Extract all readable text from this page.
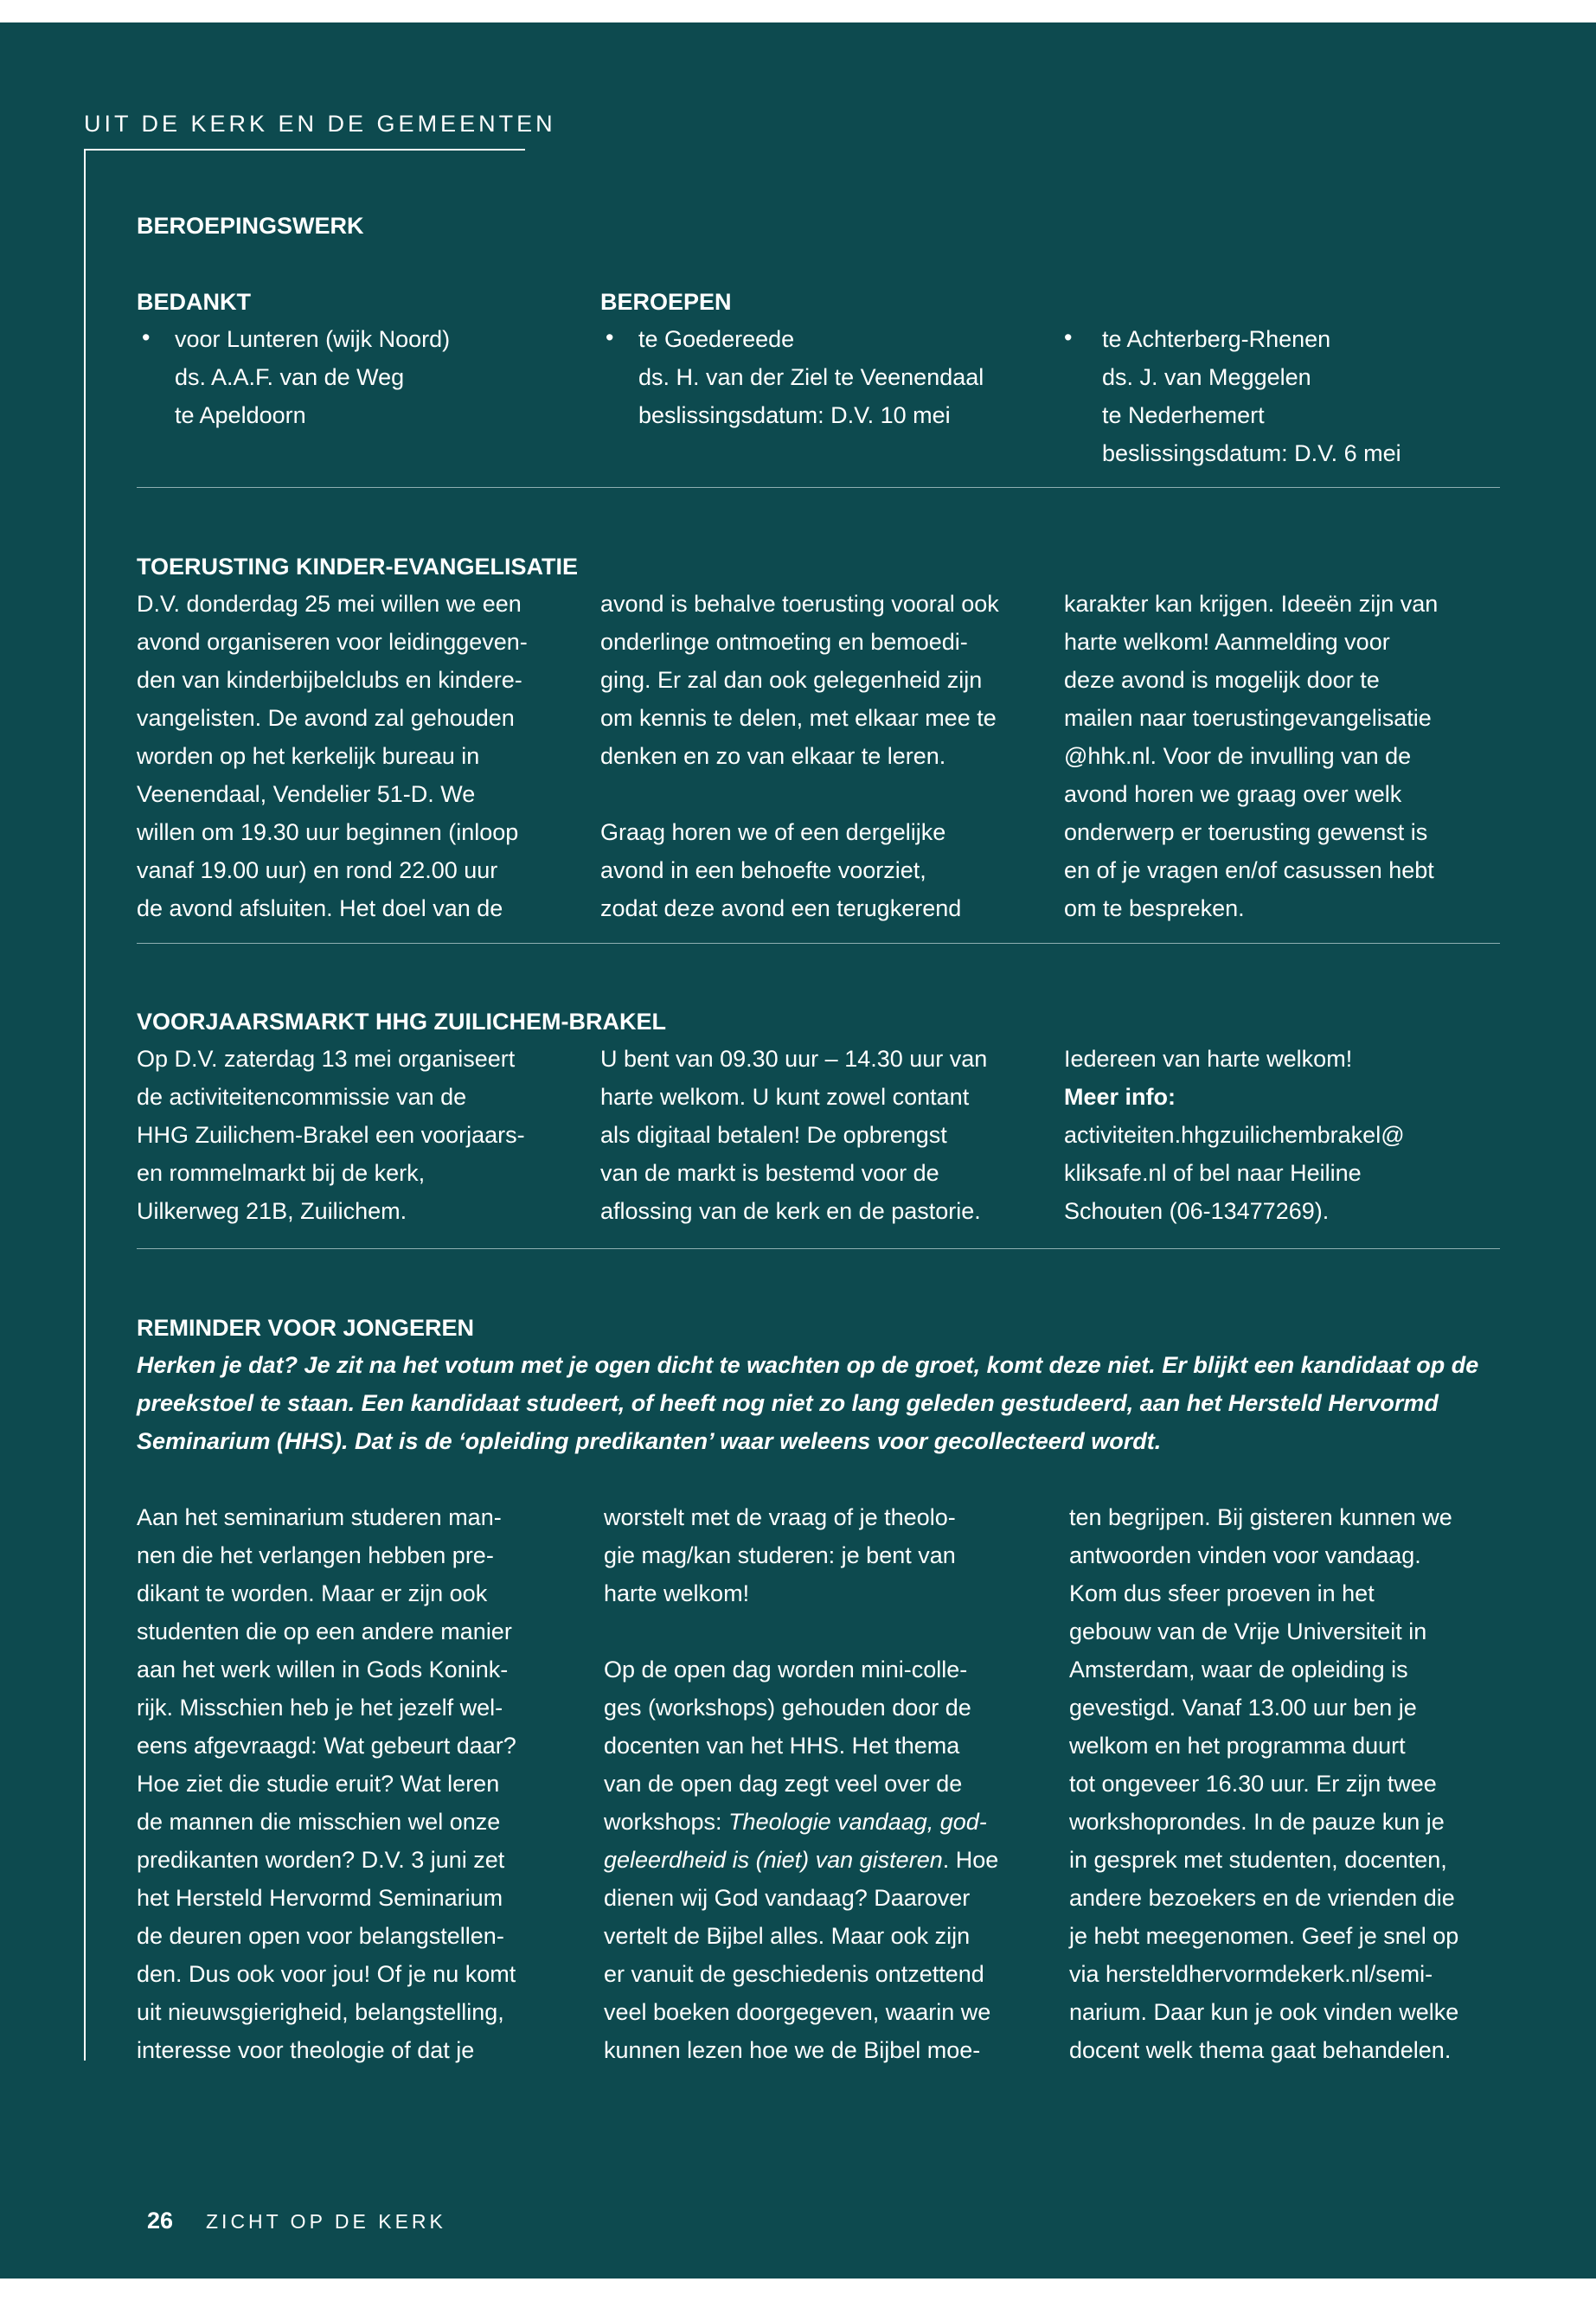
UIT DE KERK EN DE GEMEENTEN
BEROEPINGSWERK
BEDANKT
• voor Lunteren (wijk Noord)
ds. A.A.F. van de Weg
te Apeldoorn
BEROEPEN
• te Goedereede
ds. H. van der Ziel te Veenendaal
beslissingsdatum: D.V. 10 mei
• te Achterberg-Rhenen
ds. J. van Meggelen
te Nederhemert
beslissingsdatum: D.V. 6 mei
TOERUSTING KINDER-EVANGELISATIE
D.V. donderdag 25 mei willen we een
avond organiseren voor leidinggeven-
den van kinderbijbelclubs en kindere-
vangelisten. De avond zal gehouden
worden op het kerkelijk bureau in
Veenendaal, Vendelier 51-D. We
willen om 19.30 uur beginnen (inloop
vanaf 19.00 uur) en rond 22.00 uur
de avond afsluiten. Het doel van de
avond is behalve toerusting vooral ook
onderlinge ontmoeting en bemoedi-
ging. Er zal dan ook gelegenheid zijn
om kennis te delen, met elkaar mee te
denken en zo van elkaar te leren.

Graag horen we of een dergelijke
avond in een behoefte voorziet,
zodat deze avond een terugkerend
karakter kan krijgen. Ideeën zijn van
harte welkom! Aanmelding voor
deze avond is mogelijk door te
mailen naar toerustingevangelisatie
@hhk.nl. Voor de invulling van de
avond horen we graag over welk
onderwerp er toerusting gewenst is
en of je vragen en/of casussen hebt
om te bespreken.
VOORJAARSMARKT HHG ZUILICHEM-BRAKEL
Op D.V. zaterdag 13 mei organiseert
de activiteitencommissie van de
HHG Zuilichem-Brakel een voorjaars-
en rommelmarkt bij de kerk,
Uilkerweg 21B, Zuilichem.
U bent van 09.30 uur – 14.30 uur van
harte welkom. U kunt zowel contant
als digitaal betalen! De opbrengst
van de markt is bestemd voor de
aflossing van de kerk en de pastorie.
Iedereen van harte welkom!
Meer info:
activiteiten.hhgzuilichembrakel@
kliksafe.nl of bel naar Heiline
Schouten (06-13477269).
REMINDER VOOR JONGEREN
Herken je dat? Je zit na het votum met je ogen dicht te wachten op de groet, komt deze niet. Er blijkt een kandidaat op de preekstoel te staan. Een kandidaat studeert, of heeft nog niet zo lang geleden gestudeerd, aan het Hersteld Hervormd Seminarium (HHS). Dat is de ‘opleiding predikanten’ waar weleens voor gecollecteerd wordt.
Aan het seminarium studeren man-
nen die het verlangen hebben pre-
dikant te worden. Maar er zijn ook
studenten die op een andere manier
aan het werk willen in Gods Konink-
rijk. Misschien heb je het jezelf wel-
eens afgevraagd: Wat gebeurt daar?
Hoe ziet die studie eruit? Wat leren
de mannen die misschien wel onze
predikanten worden? D.V. 3 juni zet
het Hersteld Hervormd Seminarium
de deuren open voor belangstellen-
den. Dus ook voor jou! Of je nu komt
uit nieuwsgierigheid, belangstelling,
interesse voor theologie of dat je
worstelt met de vraag of je theolo-
gie mag/kan studeren: je bent van
harte welkom!

Op de open dag worden mini-colle-
ges (workshops) gehouden door de
docenten van het HHS. Het thema
van de open dag zegt veel over de
workshops: Theologie vandaag, god-
geleerdheid is (niet) van gisteren. Hoe
dienen wij God vandaag? Daarover
vertelt de Bijbel alles. Maar ook zijn
er vanuit de geschiedenis ontzettend
veel boeken doorgegeven, waarin we
kunnen lezen hoe we de Bijbel moe-
ten begrijpen. Bij gisteren kunnen we
antwoorden vinden voor vandaag.
Kom dus sfeer proeven in het
gebouw van de Vrije Universiteit in
Amsterdam, waar de opleiding is
gevestigd. Vanaf 13.00 uur ben je
welkom en het programma duurt
tot ongeveer 16.30 uur. Er zijn twee
workshoprondes. In de pauze kun je
in gesprek met studenten, docenten,
andere bezoekers en de vrienden die
je hebt meegenomen. Geef je snel op
via hersteldhervormdekerk.nl/semi-
narium. Daar kun je ook vinden welke
docent welk thema gaat behandelen.
26 ZICHT OP DE KERK
